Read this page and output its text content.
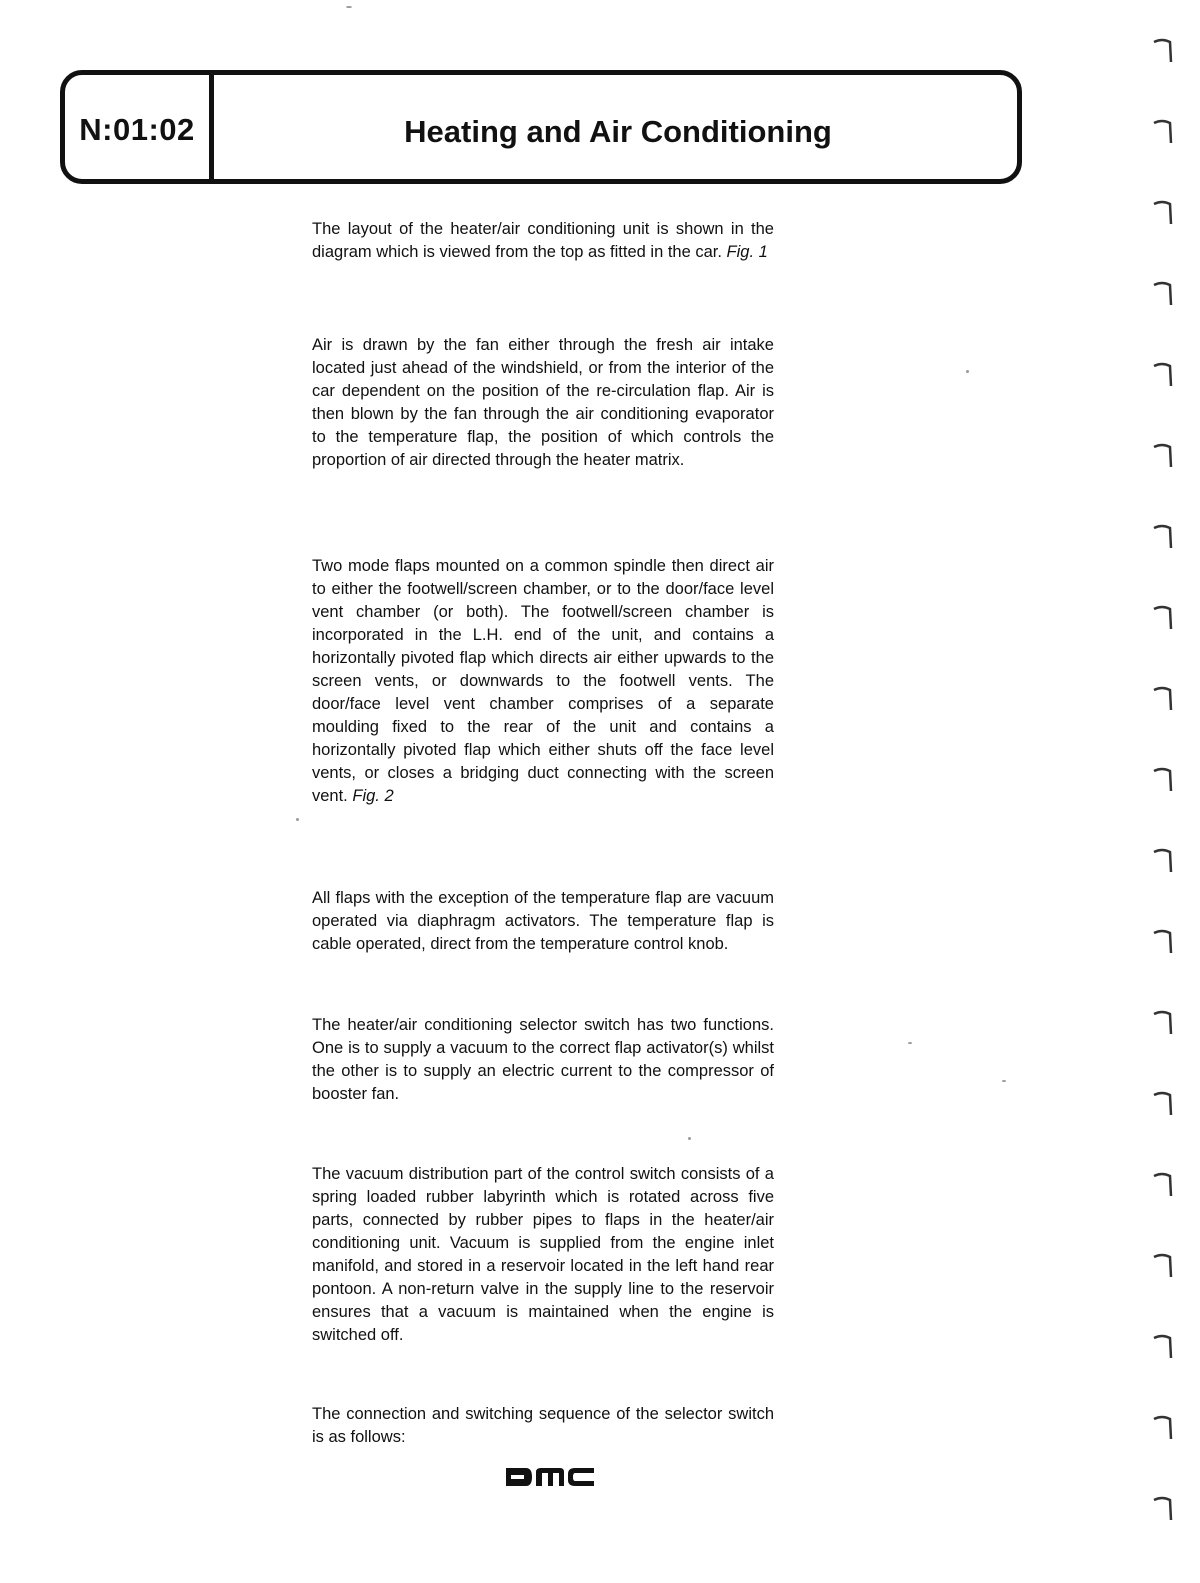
N:01:02	Heating and Air Conditioning

The layout of the heater/air conditioning unit is shown in the diagram which is viewed from the top as fitted in the car. Fig. 1

Air is drawn by the fan either through the fresh air intake located just ahead of the windshield, or from the interior of the car dependent on the position of the re-circulation flap. Air is then blown by the fan through the air conditioning evaporator to the temperature flap, the position of which controls the proportion of air directed through the heater matrix.

Two mode flaps mounted on a common spindle then direct air to either the footwell/screen chamber, or to the door/face level vent chamber (or both). The footwell/screen chamber is incorporated in the L.H. end of the unit, and contains a horizontally pivoted flap which directs air either upwards to the screen vents, or downwards to the footwell vents. The door/face level vent chamber comprises of a separate moulding fixed to the rear of the unit and contains a horizontally pivoted flap which either shuts off the face level vents, or closes a bridging duct connecting with the screen vent. Fig. 2

All flaps with the exception of the temperature flap are vacuum operated via diaphragm activators. The temperature flap is cable operated, direct from the temperature control knob.

The heater/air conditioning selector switch has two functions. One is to supply a vacuum to the correct flap activator(s) whilst the other is to supply an electric current to the compressor of booster fan.

The vacuum distribution part of the control switch consists of a spring loaded rubber labyrinth which is rotated across five parts, connected by rubber pipes to flaps in the heater/air conditioning unit. Vacuum is supplied from the engine inlet manifold, and stored in a reservoir located in the left hand rear pontoon. A non-return valve in the supply line to the reservoir ensures that a vacuum is maintained when the engine is switched off.

The connection and switching sequence of the selector switch is as follows:
